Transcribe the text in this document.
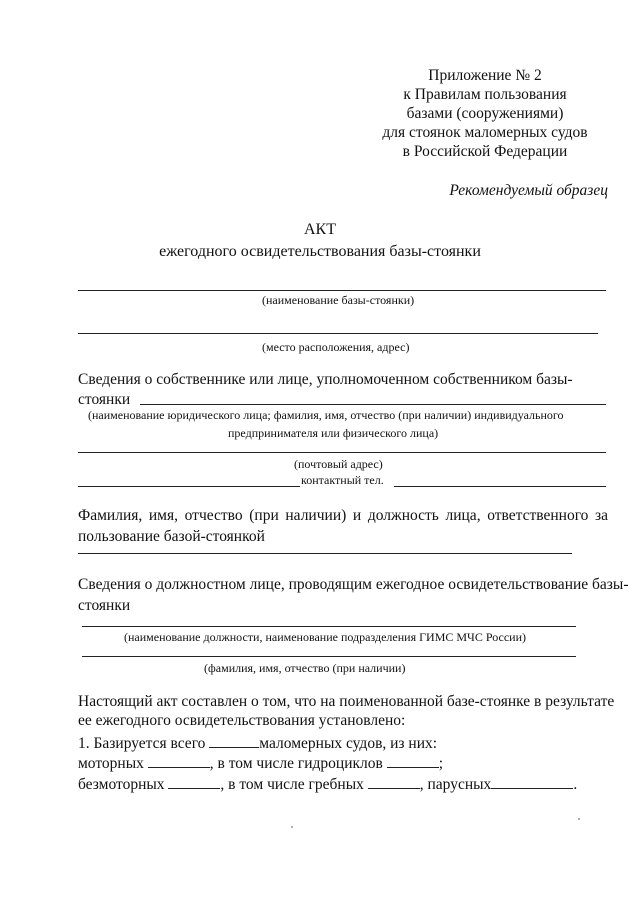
Приложение № 2
к Правилам пользования
базами (сооружениями)
для стоянок маломерных судов
в Российской Федерации
Рекомендуемый образец
АКТ
ежегодного освидетельствования базы-стоянки
(наименование базы-стоянки)
(место расположения, адрес)
Сведения о собственнике или лице, уполномоченном собственником базы-
стоянки
(наименование юридического лица; фамилия, имя, отчество (при наличии) индивидуального
предпринимателя или физического лица)
(почтовый адрес)
контактный тел.
Фамилия, имя, отчество (при наличии) и должность лица, ответственного за
пользование базой-стоянкой
Сведения о должностном лице, проводящим ежегодное освидетельствование базы-
стоянки
(наименование должности, наименование подразделения ГИМС МЧС России)
(фамилия, имя, отчество (при наличии)
Настоящий акт составлен о том, что на поименованной базе-стоянке в результате
ее ежегодного освидетельствования установлено:
1. Базируется всего	маломерных судов, из них:
моторных	, в том числе гидроциклов	;
безмоторных	, в том числе гребных	, парусных	.
